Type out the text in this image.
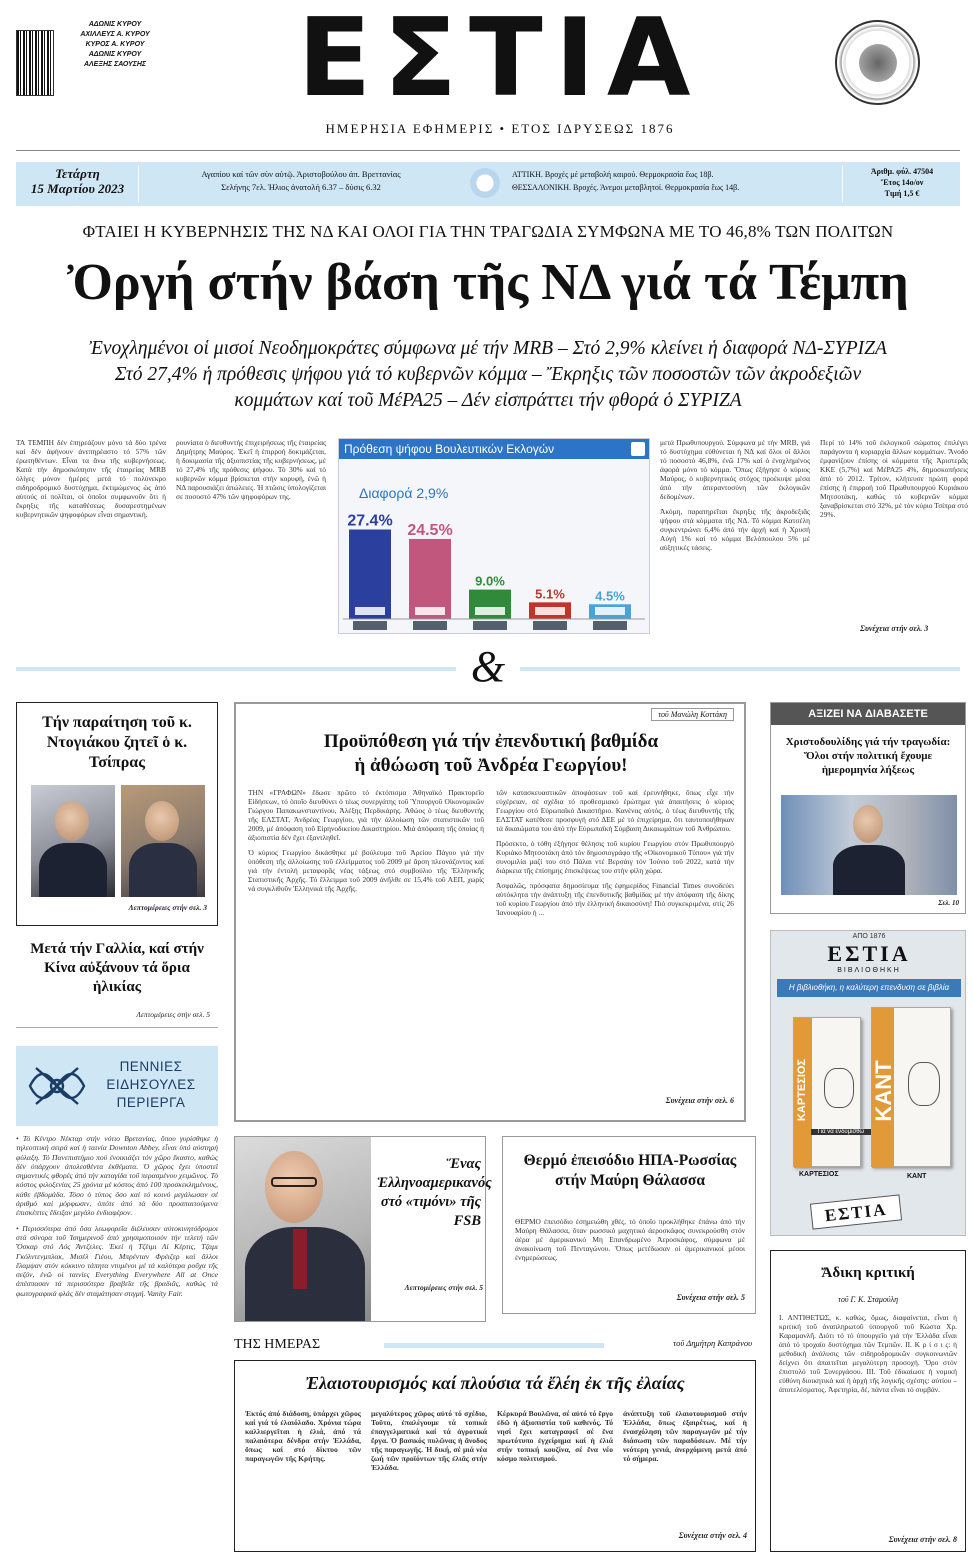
ΑΔΩΝΙΣ ΚΥΡΟΥ
ΑΧΙΛΛΕΥΣ Α. ΚΥΡΟΥ
ΚΥΡΟΣ Α. ΚΥΡΟΥ
ΑΔΩΝΙΣ ΚΥΡΟΥ
ΑΛΕΞΗΣ ΣΑΟΥΣΗΣ	ΕΣΤΙΑ
ΗΜΕΡΗΣΙΑ ΕΦΗΜΕΡΙΣ • ΕΤΟΣ ΙΔΡΥΣΕΩΣ 1876
Τετάρτη
15 Μαρτίου 2023
Αγαπίου καί τῶν σὺν αὐτῷ. Άριστοβούλου άπ. Βρεττανίας
Σελήνης 7ελ. Ήλιος ἀνατολή 6.37 – δύσις 6.32
ΑΤΤΙΚΗ. Βροχές μέ μεταβολή καιρού. Θερμοκρασία ἕως 18β.
ΘΕΣΣΑΛΟΝΙΚΗ. Βροχές. Άνεμοι μεταβλητοί. Θερμοκρασία ἕως 14β.
Ἀριθμ. φύλ. 47504
Ἔτος 14ο/ον
Τιμή 1,5 €
ΦΤΑΙΕΙ Η ΚΥΒΕΡΝΗΣΙΣ ΤΗΣ ΝΔ ΚΑΙ ΟΛΟΙ ΓΙΑ ΤΗΝ ΤΡΑΓΩΔΙΑ ΣΥΜΦΩΝΑ ΜΕ ΤΟ 46,8% ΤΩΝ ΠΟΛΙΤΩΝ
Ὀργή στήν βάση τῆς ΝΔ γιά τά Τέμπη
Ἐνοχλημένοι οἱ μισοί Νεοδημοκράτες σύμφωνα μέ τήν MRB – Στό 2,9% κλείνει ἡ διαφορά ΝΔ-ΣΥΡΙΖΑ
Στό 27,4% ἡ πρόθεσις ψήφου γιά τό κυβερνῶν κόμμα – Ἔκρηξις τῶν ποσοστῶν τῶν ἀκροδεξιῶν
κομμάτων καί τοῦ ΜέΡΑ25 – Δέν εἰσπράττει τήν φθορά ὁ ΣΥΡΙΖΑ
ΤΑ ΤΕΜΠΗ δέν ἐπηρεάζουν μόνο τά δύο τρένα καί δέν ἀφήνουν ἀνεπηρέαστο τό 57% τῶν ἐρωτηθέντων. Εἶναι τα ἄνω τῆς κυβερνήσεως. Κατά τήν δημοσκόπησιν τῆς ἑταιρείας MRB ὀλίγες μόνον ἡμέρες μετά τό πολύνεκρο σιδηροδρομικό δυστύχημα, ἐκτιμώμενος ὡς ἀπό αὐτούς οἱ πολῖται, οἱ ὁποῖοι συμφωνοῦν ὅτι ἡ ἔκρηξις τῆς καταθέσεως δυσαρεστημένων κυβερνητικῶν ψηφοφόρων εἶναι σημαντική.
ρουνίατα ὁ διευθυντής ἐπιχειρήσεως τῆς ἑταιρείας Δημήτρης Μαύρος. Ἐκεῖ ἡ ἐπιρροή δοκιμάζεται, ἡ δοκιμασία τῆς ἀξιοπιστίας τῆς κυβερνήσεως, μέ τό 27,4% τῆς πρόθεσις ψήφου. Τό 30% καί τό κυβερνῶν κόμμα βρίσκεται στήν κορυφή, ἐνῶ ἡ ΝΔ παρουσιάζει ἀπώλειες. Ἡ πτῶσις ὑπολογίζεται σε ποσοστό 47% τῶν ψηφοφόρων της.
μετά Πρωθυπουργού. Σύμφωνα μέ τήν MRB, γιά τό δυστύχημα εὐθύνεται ἡ ΝΔ καί ὅλοι οἱ ἄλλοι τό ποσοστό 46,8%, ἐνῶ 17% καί ὁ ἐνοχλημένος ἀφορά μόνο τό κόμμα. Ὅπως ἐξήγησε ὁ κύριος Μαύρος, ὁ κυβερνητικός στόχος προέκυψε μέσα ἀπό τήν ἀπεραντοσύνη τῶν ἐκλογικῶν δεδομένων.
Ἀκόμη, παρατηρεῖται ἔκρηξις τῆς ἀκροδεξιᾶς ψήφου στά κόμματα τῆς ΝΔ. Τό κόμμα Κατσέλη συγκεντρώνει 6,4% ἀπό τήν ἀρχή καί ἡ Χρυσή Αὐγή 1% καί τό κόμμα Βελόπουλου 5% μέ αὐξητικές τάσεις.
Περί τό 14% τοῦ ἐκλογικοῦ σώματος ἐπιλέγει παράγοντα ἡ κυριαρχία ἄλλων κομμάτων. Ἄνοδο ἐμφανίζουν ἐπίσης οἱ κόμματα τῆς Ἀριστερᾶς ΚΚΕ (5,7%) καί ΜέΡΑ25 4%, δημοσκοπήσεις ἀπό τό 2012. Τρίτον, κλήτευσε πρώτη φορά ἐπίσης ἡ ἐπιρροή τοῦ Πρωθυπουργού Κυριάκου Μητσοτάκη, καθώς τό κυβερνῶν κόμμα ξαναβρίσκεται στό 32%, μέ τόν κύριο Τσίπρα στό 29%.
Συνέχεια στήν σελ. 3
Πρόθεση ψήφου Βουλευτικών Εκλογών
Διαφορά 2,9%
27.4%
24.5%
9.0%
5.1% 4.5%
&
Τήν παραίτηση τοῦ κ. Ντογιάκου ζητεῖ ὁ κ. Τσίπρας
Λεπτομέρειες στήν σελ. 3
Μετά τήν Γαλλία, καί στήν Κίνα αὐξάνουν τά ὅρια ἡλικίας
Λεπτομέρειες στήν σελ. 5
ΠΕΝΝΙΕΣ ΕΙΔΗΣΟΥΛΕΣ ΠΕΡΙΕΡΓΑ
• Τό Κέντρο Νέκταρ στήν νότιο Βρετανίας, ὅπου γυρίσθηκε ἡ τηλεοπτική σειρά καί ἡ ταινία Downton Abbey, εἶναι ὑπό αὐστηρή φύλαξη. Τό Πανεπιστήμιο πού ἐνοικιάζει τόν χῶρο ἔκαστο, καθώς δέν ὑπάρχουν ἀπολεσθέντα ἐκθέματα. Ὁ χῶρος ἔχει ὑποστεῖ σημαντικές φθορές ἀπό τήν καταγίδα τοῦ περασμένου χειμῶνος. Τό κόστος φιλοξενίας 25 χρόνια μέ κόστος ἀπό 100 προσκεκλημένους, κάθε ἑβδομάδα. Τόσο ὁ τύπος ὅσο καί τό κοινό μεγάλωσαν σέ ἀριθμό καί μόρφωσιν, ὁπότε ἀπό τά δύο προαπαιτούμενα ἐπισκέπτες ἔδειξαν μεγάλο ἐνδιαφέρον.
• Περισσότερα ἀπό ὅσα λεωφορεῖα διέλευσαν αὐτοκινητόδρομοι στά σύνορα τοῦ Ἰσημερινοῦ ἀπό χρησιμοποιούν τήν τελετή τῶν Ὄσκαρ στό Λός Άντζελες. Ἐκεί ἡ Τζέιμι Λί Κέρτις, Τζαμι Γκόλντενμπλακ, Μισέλ Γιέου, Μπρένταν Φρέιζερ καί ἄλλοι ἔλαμψαν στόν κόκκινο τάπητα ντυμένοι μέ τά καλύτερα ροῦχα τῆς σεζόν, ἐνῶ οἱ ταινίες Everything Everywhere All at Once ἀπέσπασαν τά περισσότερα βραβεῖα τῆς βραδιᾶς, καθώς τά φωτογραφικά φλάς δέν σταμάτησαν στιγμή. Vanity Fair.
τοῦ Μανώλη Κοττάκη
Προϋπόθεση γιά τήν ἐπενδυτική βαθμίδα
ἡ ἀθώωση τοῦ Ἀνδρέα Γεωργίου!
ΤΗΝ «ΓΡΑΦΩΝ» ἔδωσε πρῶτο τό ἐκτόπισμα Ἀθηναϊκό Πρακτορεῖο Εἰδήσεων, τό ὁποῖο διευθύνει ὁ τέως συνεργάτης τοῦ Ὑπουργοῦ Οἰκονομικῶν Γιώργου Παπακωνσταντίνου, Ἀλέξης Περδικάρης. Ἀθώος ὁ τέως διευθυντής τῆς ΕΛΣΤΑΤ, Ἀνδρέας Γεωργίου, γιά τήν ἀλλοίωση τῶν στατιστικῶν τοῦ 2009, μέ ἀπόφαση τοῦ Εἰρηνοδικείου Δικαστηρίου. Μιά ἀπόφαση τῆς ὁποίας ἡ ἀξιοπιστία δέν ἔχει ἐξαντληθεῖ.
Ὁ κύριος Γεωργίου δικάσθηκε μέ βούλευμα τοῦ Ἀρείου Πάγου γιά τήν ὑπόθεση τῆς ἀλλοίωσης τοῦ ἐλλείμματος τοῦ 2009 μέ ἄρση πλεονάζοντος καί γιά τήν ἐντολή μεταφορᾶς νέας τάξεως στό συμβούλιο τῆς Ἑλληνικῆς Στατιστικῆς Ἀρχῆς. Τό ἔλλειμμα τοῦ 2009 ἀνῆλθε σε 15,4% τοῦ ΑΕΠ, χωρίς νά συγκλιθοῦν Ἑλληνικά τῆς Ἀρχῆς.
τῶν κατασκευαστικῶν ἀποφάσεων τοῦ καί ἐρευνήθηκε, ὅπως εἶχε τήν εὐχέρειαν, σέ σχέδια τό προθεσμιακό ἐρώτημα γιά ἀπαιτήσεις ὁ κύριος Γεωργίου στό Εὐρωπαϊκό Δικαστήριο. Κανένας αὐτός, ὁ τέως διευθυντής τῆς ΕΛΣΤΑΤ κατέθεσε προσφυγή στό ΔΕΕ μέ τό ἐπιχείρημα, ὅτι ταυτοποιήθηκαν τά δικαιώματα του ἀπό τήν Εὐρωπαϊκή Σύμβαση Δικαιωμάτων τοῦ Ἀνθρώπου.
Πρόσεκτο, ὁ τόθη ἐξήγησε θέλησις τοῦ κυρίου Γεωργίου στόν Πρωθυπουργό Κυριάκο Μητσοτάκη ἀπό τόν δημοσιογράφο τῆς «Οἰκονομικοῦ Τύπου» γιά τήν συνομιλία μαζί του στό Πάλαι ντέ Βερσάιγ τόν Ἰούνιο τοῦ 2022, κατά τήν διάρκεια τῆς ἐπίσημης ἐπισκέψεως του στήν φίλη χώρα.
Ἀσφαλῶς, πρόσφατα δημοσίευμα τῆς ἐφημερίδος Financial Times συνοδεύει αὐτόκλητα τήν ἀνάπτυξη τῆς ἐπενδυτικῆς βαθμίδας μέ τήν ἀπόφαση τῆς δίκης τοῦ κυρίου Γεωργίου ἀπό τήν ἑλληνική δικαιοσύνη! Πιό συγκεκριμένα, στίς 26 Ἰανουαρίου ἡ ...
Συνέχεια στήν σελ. 6
ΑΞΙΖΕΙ ΝΑ ΔΙΑΒΑΣΕΤΕ
Χριστοδουλίδης γιά τήν τραγωδία: Ὅλοι στήν πολιτική ἔχουμε ἡμερομηνία λήξεως
Σελ. 10
ΑΠΟ 1876
ΕΣΤΙΑ
ΒΙΒΛΙΟΘΗΚΗ
Η βιβλιοθήκη, η καλύτερη επενδυση σε βιβλία
ΚΑΡΤΕΣΙΟΣ	ΚΑΝΤ
Για να ενδυμισθώ
ΚΑΡΤΕΣΙΟΣ	ΚΑΝΤ
ΕΣΤΙΑ
Ἄδικη κριτική
τοῦ Γ. Κ. Σταμούλη
Ι. ΑΝΤΙΘΕΤΩΣ, κ. καθώς, ὅμως, διαφαίνεται, εἶναι ἡ κριτική τοῦ ἀναπληρωτοῦ ὑπουργοῦ τοῦ Κώστα Χρ. Καραμανλῆ. Διότι τό τό ὑπουργεῖο γιά τήν Ἑλλάδα εἶναι ἀπό τό τροχαίο δυστύχημα τῶν Τεμπῶν. ΙΙ. Κ ρ ί σ ι ς: ἡ μεθοδική ἀνάλυσις τῶν σιδηροδρομικῶν συγκοινωνιῶν δείχνει ὅτι ἀπαιτεῖται μεγαλύτερη προσοχή. Ὅρο στόν ἐπιστολό τοῦ Συνεργάσου. ΙΙΙ. Τοῦ ἐδικαίωσε ἡ νομική εὐθύνη διοικητικά καί ἡ ἀρχή τῆς λογικῆς σχέσης: αὐτίου – ἀποτελέσματος. Ἀφετηρία, δέ, πάντα εἶναι τό συμβάν.
Συνέχεια στήν σελ. 8
Ἕνας Ἑλληνοαμερικανός στό «τιμόνι» τῆς FSB
Λεπτομέρειες στήν σελ. 5
Θερμό ἐπεισόδιο ΗΠΑ-Ρωσσίας στήν Μαύρη Θάλασσα
ΘΕΡΜΟ ἐπεισόδιο ἐσημειώθη χθές, τό ὁποῖο προκλήθηκε ἐπάνω ἀπό τήν Μαύρη Θάλασσα, ὅταν ρωσσικό μαχητικό ἀεροσκάφος συνεκρούσθη στόν ἀέρα μέ ἀμερικανικό Μη Επανδρωμένο Ἀεροσκάφος, σύμφωνα μέ ἀνακοίνωση τοῦ Πενταγώνου. Ὅπως μετέδωσαν οἱ ἀμερικανικοί μέσοι ἐνημερώσεως.
Συνέχεια στήν σελ. 5
ΤΗΣ ΗΜΕΡΑΣ	τοῦ Δημήτρη Καπράνου
Ἐλαιοτουρισμός καί πλούσια τά ἔλέη ἐκ τῆς ἐλαίας
Ἐκτός ἀπό διάδοση, ὑπάρχει χῶρος καί γιά τό ἐλαιόλαδο. Χρόνια τώρα καλλιεργεῖται ἡ ἐλιά, ἀπό τά παλαιότερα δένδρα στήν Ἑλλάδα, ὅπως καί στό δίκτυο τῶν παραγωγῶν τῆς Κρήτης.
μεγαλύτερος χῶρος αὐτό τό σχέδιο, Τοῦτο, ἐπαλέγουμε τά τοπικά ἐπαγγελματικά καί τά ἀγροτικά ἔργα. Ὁ βασικός πυλῶνας ἡ ἄνοδος τῆς παραγωγῆς. Ἡ δική, σέ μιά νέα ζωή τῶν προϊόντων τῆς ἐλιᾶς στήν Ἑλλάδα.
Κέρκυρά Βουλῶνα, σέ αὐτό τό ἔργο ἐδῶ ἡ ἀξιοπιστία τοῦ καθενός. Τό νησί ἔχει καταγραφεῖ σέ ἕνα πρωτότυπο ἐγχείρημα καί ἡ ἐλιά στήν τοπική κουζίνα, σέ ἕνα νέο κόσμο πολιτισμού.
ἀνάπτυξη τοῦ ἐλαιοτουρισμοῦ στήν Ἑλλάδα, ὅπως ἐξαιρέτως, καί ἡ ἐνασχόληση τῶν παραγωγῶν μέ τήν διάσωση τῶν παραδόσεων. Μέ τήν νεότερη γενιά, ἀνερχόμενη μετά ἀπό τό σήμερα.
Συνέχεια στήν σελ. 4
